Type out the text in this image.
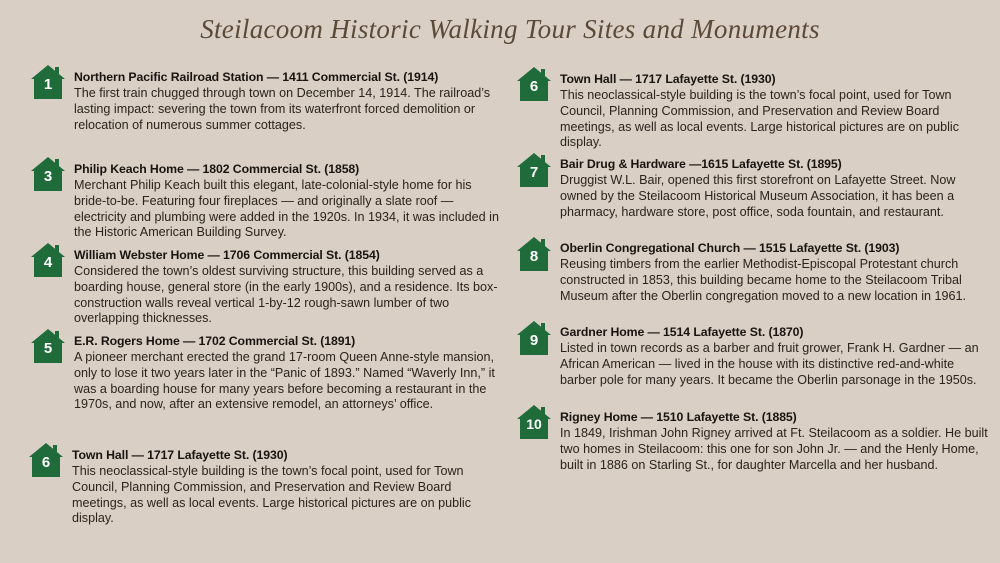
Steilacoom Historic Walking Tour Sites and Monuments
1	Northern Pacific Railroad Station — 1411 Commercial St. (1914)
The first train chugged through town on December 14, 1914. The railroad’s lasting impact: severing the town from its waterfront forced demolition or relocation of numerous summer cottages.
3	Philip Keach Home — 1802 Commercial St. (1858)
Merchant Philip Keach built this elegant, late-colonial-style home for his bride-to-be. Featuring four fireplaces — and originally a slate roof — electricity and plumbing were added in the 1920s. In 1934, it was included in the Historic American Building Survey.
4	William Webster Home — 1706 Commercial St. (1854)
Considered the town’s oldest surviving structure, this building served as a boarding house, general store (in the early 1900s), and a residence. Its box-construction walls reveal vertical 1-by-12 rough-sawn lumber of two overlapping thicknesses.
5	E.R. Rogers Home — 1702 Commercial St. (1891)
A pioneer merchant erected the grand 17-room Queen Anne-style mansion, only to lose it two years later in the “Panic of 1893.” Named “Waverly Inn,” it was a boarding house for many years before becoming a restaurant in the 1970s, and now, after an extensive remodel, an attorneys’ office.
6	Town Hall — 1717 Lafayette St. (1930)
This neoclassical-style building is the town’s focal point, used for Town Council, Planning Commission, and Preservation and Review Board meetings, as well as local events. Large historical pictures are on public display.
6	Town Hall — 1717 Lafayette St. (1930)
This neoclassical-style building is the town’s focal point, used for Town Council, Planning Commission, and Preservation and Review Board meetings, as well as local events. Large historical pictures are on public display.
7	Bair Drug & Hardware —1615 Lafayette St. (1895)
Druggist W.L. Bair, opened this first storefront on Lafayette Street. Now owned by the Steilacoom Historical Museum Association, it has been a pharmacy, hardware store, post office, soda fountain, and restaurant.
8	Oberlin Congregational Church — 1515 Lafayette St. (1903)
Reusing timbers from the earlier Methodist-Episcopal Protestant church constructed in 1853, this building became home to the Steilacoom Tribal Museum after the Oberlin congregation moved to a new location in 1961.
9	Gardner Home — 1514 Lafayette St. (1870)
Listed in town records as a barber and fruit grower, Frank H. Gardner — an African American — lived in the house with its distinctive red-and-white barber pole for many years. It became the Oberlin parsonage in the 1950s.
10	Rigney Home — 1510 Lafayette St. (1885)
In 1849, Irishman John Rigney arrived at Ft. Steilacoom as a soldier. He built two homes in Steilacoom: this one for son John Jr. — and the Henly Home, built in 1886 on Starling St., for daughter Marcella and her husband.
